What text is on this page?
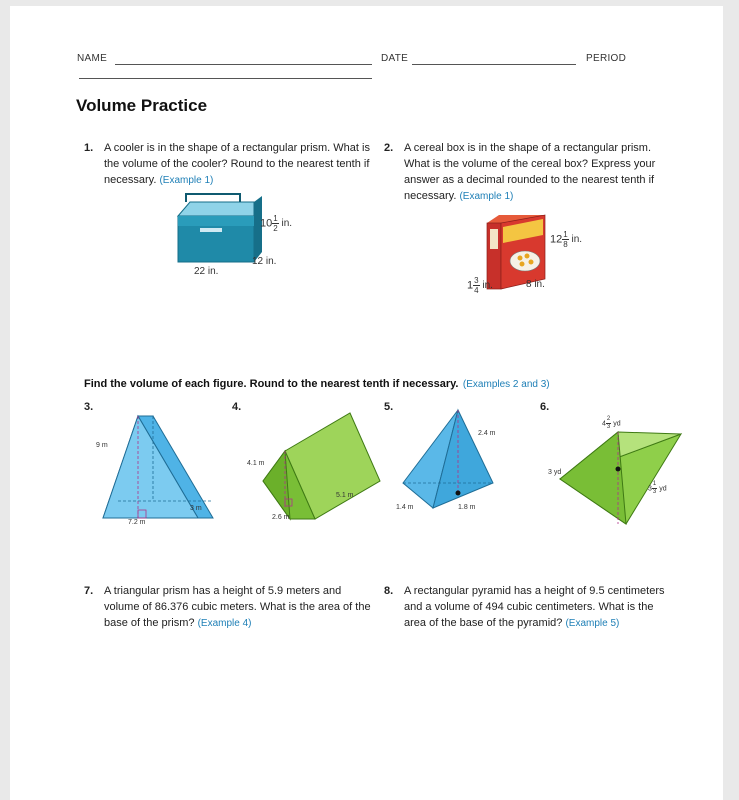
NAME	DATE	PERIOD
Volume Practice
1. A cooler is in the shape of a rectangular prism. What is the volume of the cooler? Round to the nearest tenth if necessary. (Example 1)
$10 \frac{1}{2}$ in.
12 in.
22 in.
2. A cereal box is in the shape of a rectangular prism. What is the volume of the cereal box? Express your answer as a decimal rounded to the nearest tenth if necessary. (Example 1)
$12 \frac{1}{8}$ in.
$1 \frac{3}{4}$ in.	8 in.
Find the volume of each figure. Round to the nearest tenth if necessary. (Examples 2 and 3)
3.
9 m
7.2 m
3 m
4.
4.1 m
2.6 m
5.1 m
5.
2.4 m
1.4 m	1.8 m
6.
$4 \frac{2}{3}$ yd
3 yd
$3 \frac{1}{3}$ yd
7. A triangular prism has a height of 5.9 meters and volume of 86.376 cubic meters. What is the area of the base of the prism? (Example 4)
8. A rectangular pyramid has a height of 9.5 centimeters and a volume of 494 cubic centimeters. What is the area of the base of the pyramid? (Example 5)
